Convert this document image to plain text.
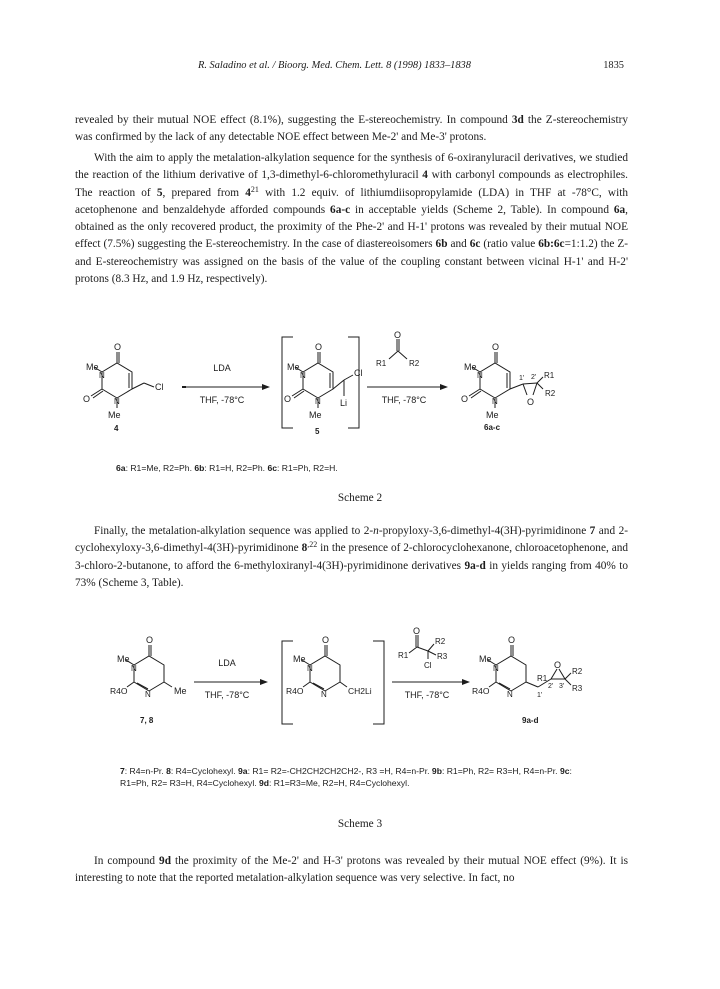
R. Saladino et al. / Bioorg. Med. Chem. Lett. 8 (1998) 1833–1838	1835

revealed by their mutual NOE effect (8.1%), suggesting the E-stereochemistry. In compound 3d the Z-stereochemistry was confirmed by the lack of any detectable NOE effect between Me-2' and Me-3' protons.

With the aim to apply the metalation-alkylation sequence for the synthesis of 6-oxiranyluracil derivatives, we studied the reaction of the lithium derivative of 1,3-dimethyl-6-chloromethyluracil 4 with carbonyl compounds as electrophiles. The reaction of 5, prepared from $4^{21}$ with 1.2 equiv. of lithiumdiisopropylamide (LDA) in THF at -78°C, with acetophenone and benzaldehyde afforded compounds 6a-c in acceptable yields (Scheme 2, Table). In compound 6a, obtained as the only recovered product, the proximity of the Phe-2' and H-1' protons was revealed by their mutual NOE effect (7.5%) suggesting the E-stereochemistry. In the case of diastereoisomers 6b and 6c (ratio value 6b:6c=1:1.2) the Z- and E-stereochemistry was assigned on the basis of the value of the coupling constant between vicinal H-1' and H-2' protons (8.3 Hz, and 1.9 Hz, respectively).

Me
O
N
O	N
Me
Cl
4
LDA
THF, -78°C
Me
O
N
O	N
Me
Li
Cl
5
O
R1	R2
THF, -78°C
Me
O
N
O	N
Me
1' 2' R1
O
R2
6a-c

6a: R1=Me, R2=Ph. 6b: R1=H, R2=Ph. 6c: R1=Ph, R2=H.

Scheme 2

Finally, the metalation-alkylation sequence was applied to 2-n-propyloxy-3,6-dimethyl-4(3H)-pyrimidinone 7 and 2-cyclohexyloxy-3,6-dimethyl-4(3H)-pyrimidinone $8^{,22}$ in the presence of 2-chlorocyclohexanone, chloroacetophenone, and 3-chloro-2-butanone, to afford the 6-methyloxiranyl-4(3H)-pyrimidinone derivatives 9a-d in yields ranging from 40% to 73% (Scheme 3, Table).

Me
O
N
R4O N	Me
7, 8
LDA
THF, -78°C
Me
O
N
R4O N CH2Li
O
R1
R2
R3
Cl
THF, -78°C
Me
O
N
R4O N
R1
O
R2
R3
1'
2' 3'
9a-d

7: R4=n-Pr. 8: R4=Cyclohexyl. 9a: R1= R2=-CH2CH2CH2CH2-, R3 =H, R4=n-Pr. 9b: R1=Ph, R2= R3=H, R4=n-Pr. 9c: R1=Ph, R2= R3=H, R4=Cyclohexyl. 9d: R1=R3=Me, R2=H, R4=Cyclohexyl.

Scheme 3

In compound 9d the proximity of the Me-2' and H-3' protons was revealed by their mutual NOE effect (9%). It is interesting to note that the reported metalation-alkylation sequence was very selective. In fact, no
